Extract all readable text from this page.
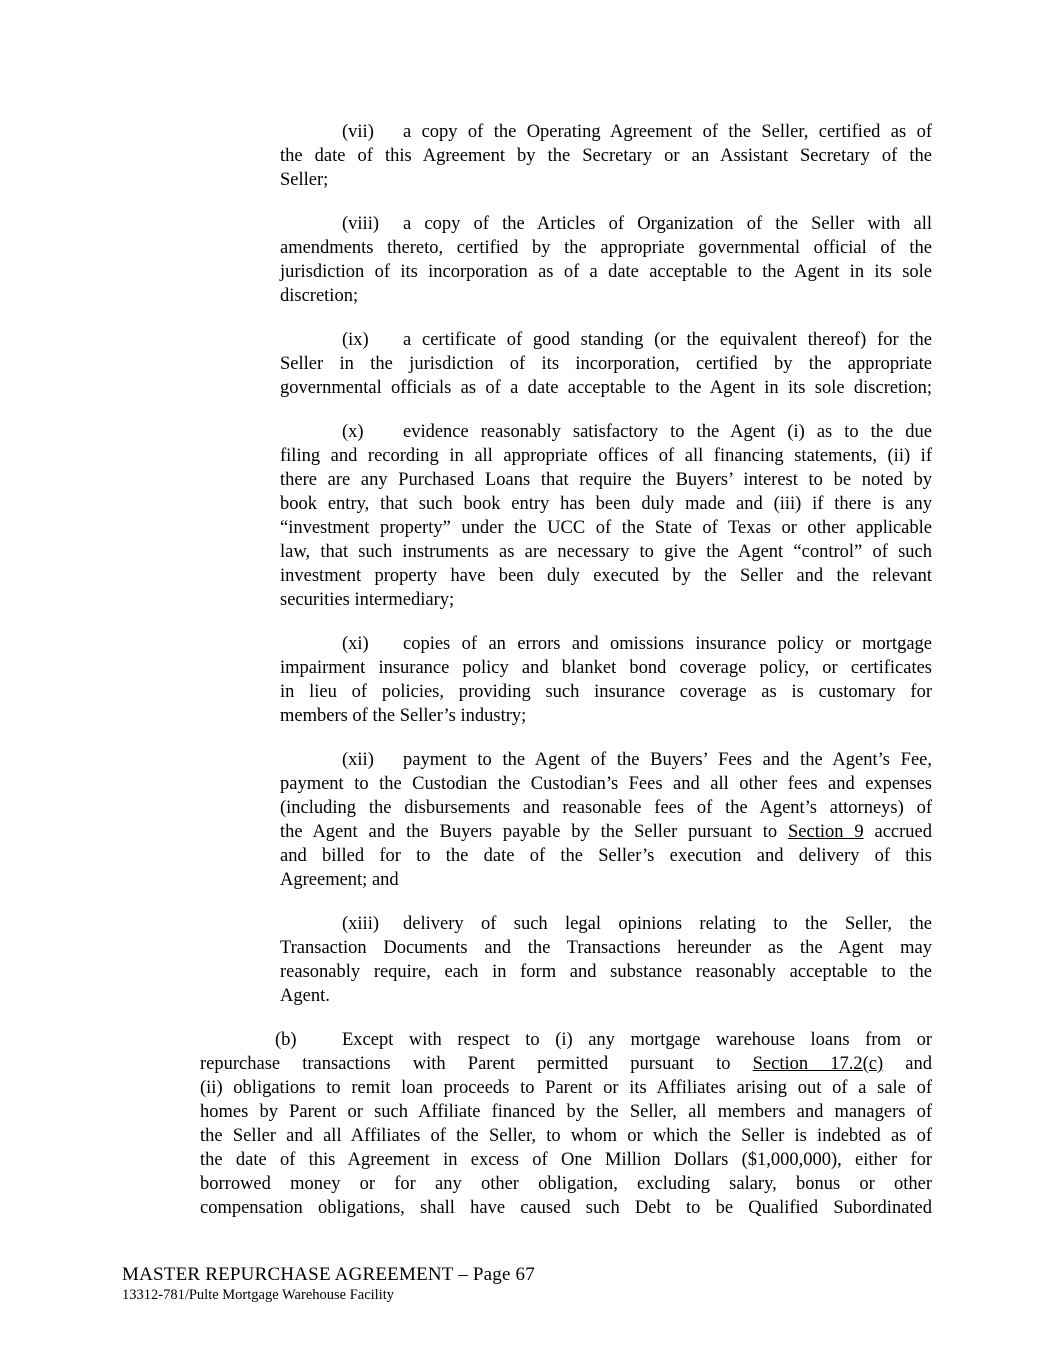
(vii) a copy of the Operating Agreement of the Seller, certified as of
the date of this Agreement by the Secretary or an Assistant Secretary of the
Seller;
(viii) a copy of the Articles of Organization of the Seller with all
amendments thereto, certified by the appropriate governmental official of the
jurisdiction of its incorporation as of a date acceptable to the Agent in its sole
discretion;
(ix) a certificate of good standing (or the equivalent thereof) for the
Seller in the jurisdiction of its incorporation, certified by the appropriate
governmental officials as of a date acceptable to the Agent in its sole discretion;
(x) evidence reasonably satisfactory to the Agent (i) as to the due
filing and recording in all appropriate offices of all financing statements, (ii) if
there are any Purchased Loans that require the Buyers’ interest to be noted by
book entry, that such book entry has been duly made and (iii) if there is any
“investment property” under the UCC of the State of Texas or other applicable
law, that such instruments as are necessary to give the Agent “control” of such
investment property have been duly executed by the Seller and the relevant
securities intermediary;
(xi) copies of an errors and omissions insurance policy or mortgage
impairment insurance policy and blanket bond coverage policy, or certificates
in lieu of policies, providing such insurance coverage as is customary for
members of the Seller’s industry;
(xii) payment to the Agent of the Buyers’ Fees and the Agent’s Fee,
payment to the Custodian the Custodian’s Fees and all other fees and expenses
(including the disbursements and reasonable fees of the Agent’s attorneys) of
the Agent and the Buyers payable by the Seller pursuant to Section 9 accrued
and billed for to the date of the Seller’s execution and delivery of this
Agreement; and
(xiii) delivery of such legal opinions relating to the Seller, the
Transaction Documents and the Transactions hereunder as the Agent may
reasonably require, each in form and substance reasonably acceptable to the
Agent.
(b) Except with respect to (i) any mortgage warehouse loans from or
repurchase transactions with Parent permitted pursuant to Section 17.2(c) and
(ii) obligations to remit loan proceeds to Parent or its Affiliates arising out of a sale of
homes by Parent or such Affiliate financed by the Seller, all members and managers of
the Seller and all Affiliates of the Seller, to whom or which the Seller is indebted as of
the date of this Agreement in excess of One Million Dollars ($1,000,000), either for
borrowed money or for any other obligation, excluding salary, bonus or other
compensation obligations, shall have caused such Debt to be Qualified Subordinated
MASTER REPURCHASE AGREEMENT – Page 67
13312-781/Pulte Mortgage Warehouse Facility
